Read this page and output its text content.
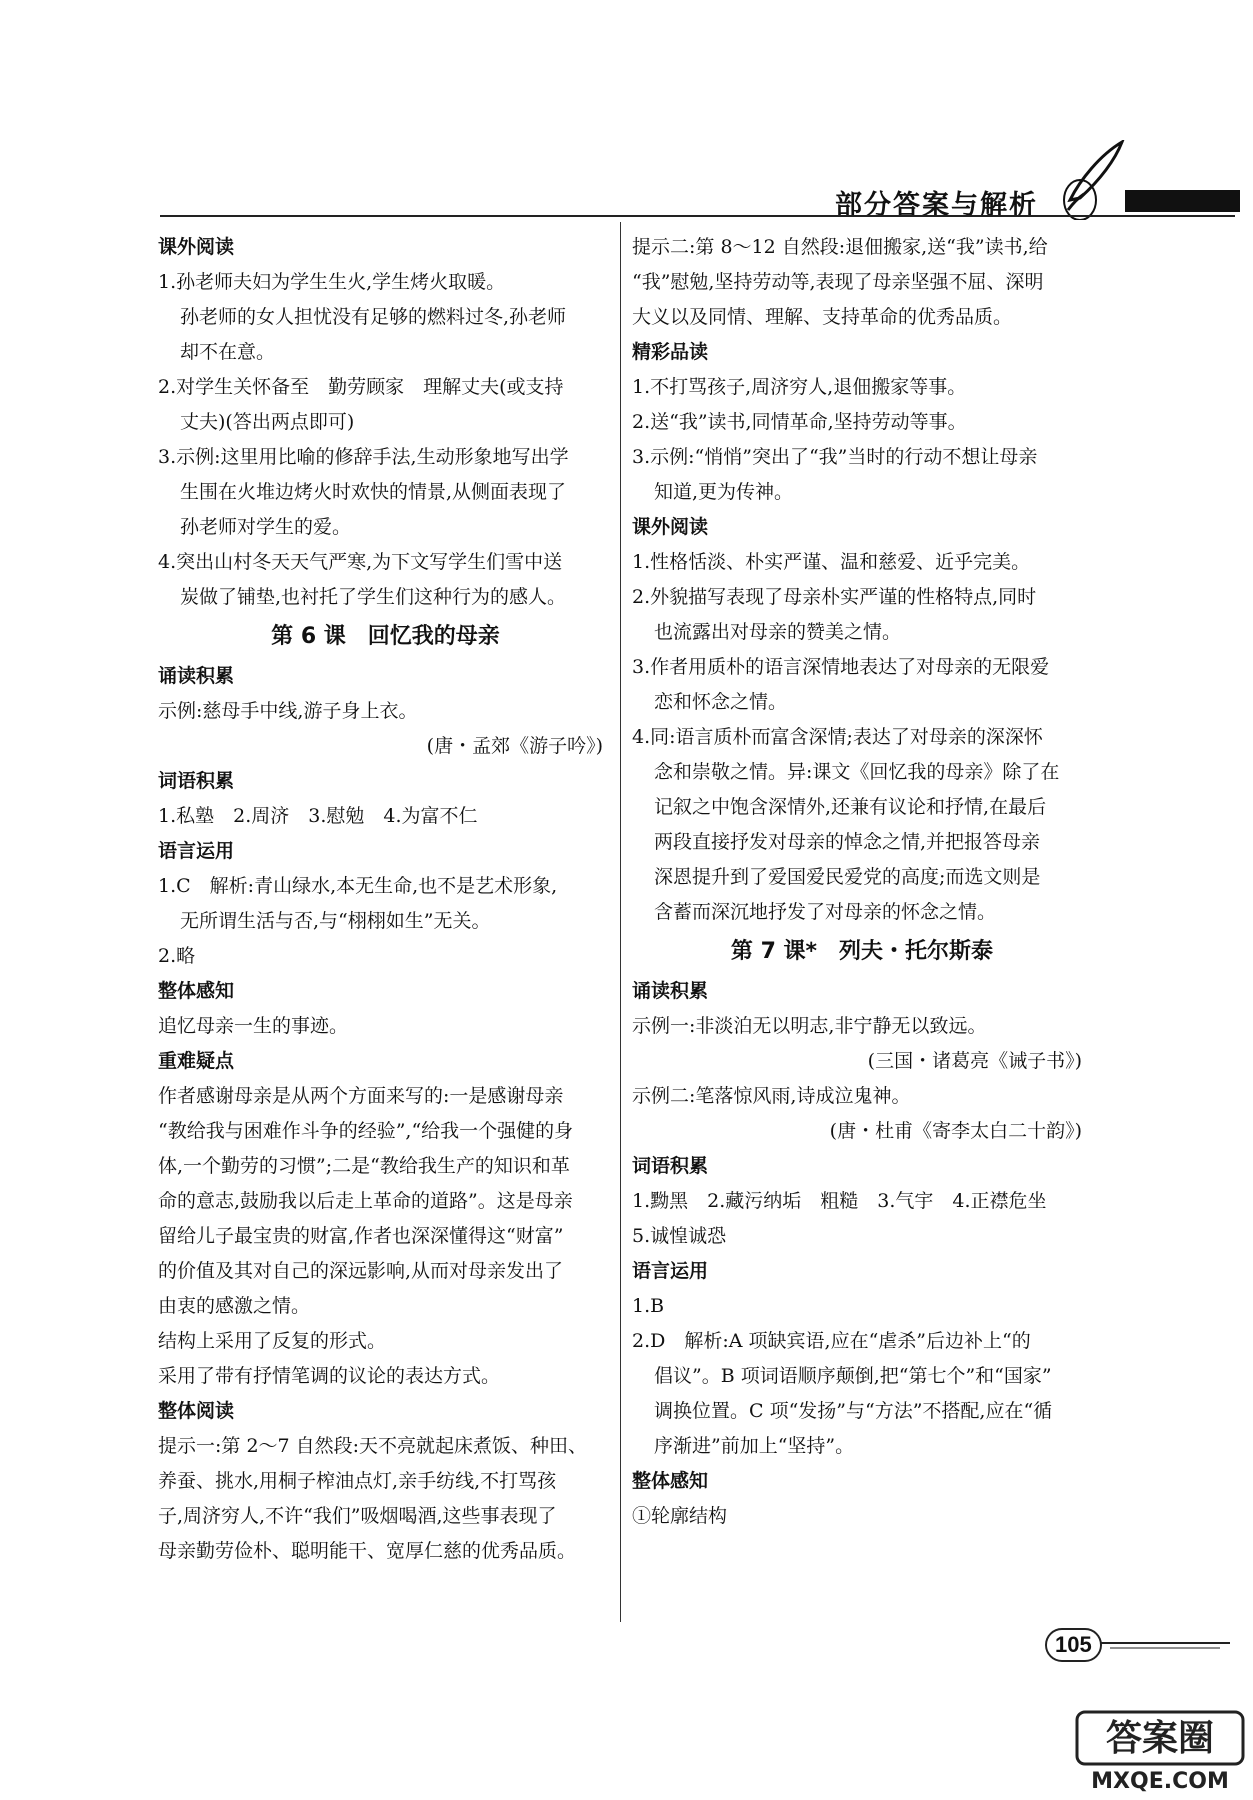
部分答案与解析

课外阅读

1.孙老师夫妇为学生生火,学生烤火取暖。

孙老师的女人担忧没有足够的燃料过冬,孙老师

却不在意。

2.对学生关怀备至　勤劳顾家　理解丈夫(或支持

丈夫)(答出两点即可)

3.示例:这里用比喻的修辞手法,生动形象地写出学

生围在火堆边烤火时欢快的情景,从侧面表现了

孙老师对学生的爱。

4.突出山村冬天天气严寒,为下文写学生们雪中送

炭做了铺垫,也衬托了学生们这种行为的感人。

第 6 课　回忆我的母亲

诵读积累

示例:慈母手中线,游子身上衣。

(唐・孟郊《游子吟》)

词语积累

1.私塾　2.周济　3.慰勉　4.为富不仁

语言运用

1.C　解析:青山绿水,本无生命,也不是艺术形象,

无所谓生活与否,与“栩栩如生”无关。

2.略

整体感知

追忆母亲一生的事迹。

重难疑点

作者感谢母亲是从两个方面来写的:一是感谢母亲

“教给我与困难作斗争的经验”,“给我一个强健的身

体,一个勤劳的习惯”;二是“教给我生产的知识和革

命的意志,鼓励我以后走上革命的道路”。这是母亲

留给儿子最宝贵的财富,作者也深深懂得这“财富”

的价值及其对自己的深远影响,从而对母亲发出了

由衷的感激之情。

结构上采用了反复的形式。

采用了带有抒情笔调的议论的表达方式。

整体阅读

提示一:第 2～7 自然段:天不亮就起床煮饭、种田、

养蚕、挑水,用桐子榨油点灯,亲手纺线,不打骂孩

子,周济穷人,不许“我们”吸烟喝酒,这些事表现了

母亲勤劳俭朴、聪明能干、宽厚仁慈的优秀品质。

提示二:第 8～12 自然段:退佃搬家,送“我”读书,给

“我”慰勉,坚持劳动等,表现了母亲坚强不屈、深明

大义以及同情、理解、支持革命的优秀品质。

精彩品读

1.不打骂孩子,周济穷人,退佃搬家等事。

2.送“我”读书,同情革命,坚持劳动等事。

3.示例:“悄悄”突出了“我”当时的行动不想让母亲

知道,更为传神。

课外阅读

1.性格恬淡、朴实严谨、温和慈爱、近乎完美。

2.外貌描写表现了母亲朴实严谨的性格特点,同时

也流露出对母亲的赞美之情。

3.作者用质朴的语言深情地表达了对母亲的无限爱

恋和怀念之情。

4.同:语言质朴而富含深情;表达了对母亲的深深怀

念和崇敬之情。异:课文《回忆我的母亲》除了在

记叙之中饱含深情外,还兼有议论和抒情,在最后

两段直接抒发对母亲的悼念之情,并把报答母亲

深恩提升到了爱国爱民爱党的高度;而选文则是

含蓄而深沉地抒发了对母亲的怀念之情。

第 7 课*　列夫・托尔斯泰

诵读积累

示例一:非淡泊无以明志,非宁静无以致远。

(三国・诸葛亮《诫子书》)

示例二:笔落惊风雨,诗成泣鬼神。

(唐・杜甫《寄李太白二十韵》)

词语积累

1.黝黑　2.藏污纳垢　粗糙　3.气宇　4.正襟危坐

5.诚惶诚恐

语言运用

1.B

2.D　解析:A 项缺宾语,应在“虐杀”后边补上“的

倡议”。B 项词语顺序颠倒,把“第七个”和“国家”

调换位置。C 项“发扬”与“方法”不搭配,应在“循

序渐进”前加上“坚持”。

整体感知

①轮廓结构

105
答案圈
MXQE.COM
